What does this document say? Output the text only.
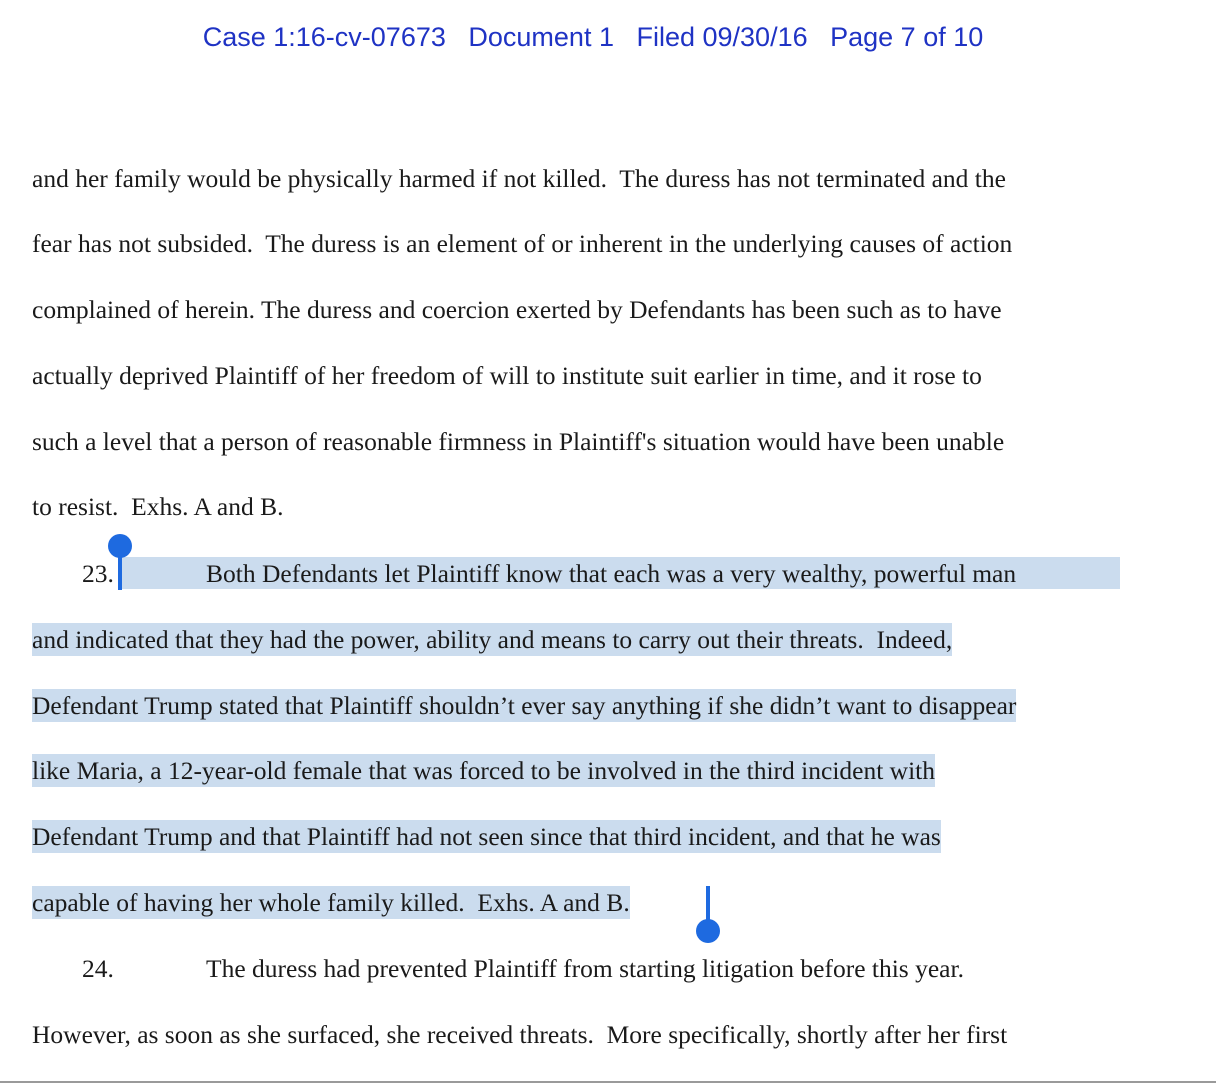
Case 1:16-cv-07673 Document 1 Filed 09/30/16 Page 7 of 10
and her family would be physically harmed if not killed.  The duress has not terminated and the
fear has not subsided.  The duress is an element of or inherent in the underlying causes of action
complained of herein. The duress and coercion exerted by Defendants has been such as to have
actually deprived Plaintiff of her freedom of will to institute suit earlier in time, and it rose to
such a level that a person of reasonable firmness in Plaintiff's situation would have been unable
to resist.  Exhs. A and B.
23.	Both Defendants let Plaintiff know that each was a very wealthy, powerful man
and indicated that they had the power, ability and means to carry out their threats.  Indeed,
Defendant Trump stated that Plaintiff shouldn’t ever say anything if she didn’t want to disappear
like Maria, a 12-year-old female that was forced to be involved in the third incident with
Defendant Trump and that Plaintiff had not seen since that third incident, and that he was
capable of having her whole family killed.  Exhs. A and B.
24.	The duress had prevented Plaintiff from starting litigation before this year.
However, as soon as she surfaced, she received threats.  More specifically, shortly after her first
